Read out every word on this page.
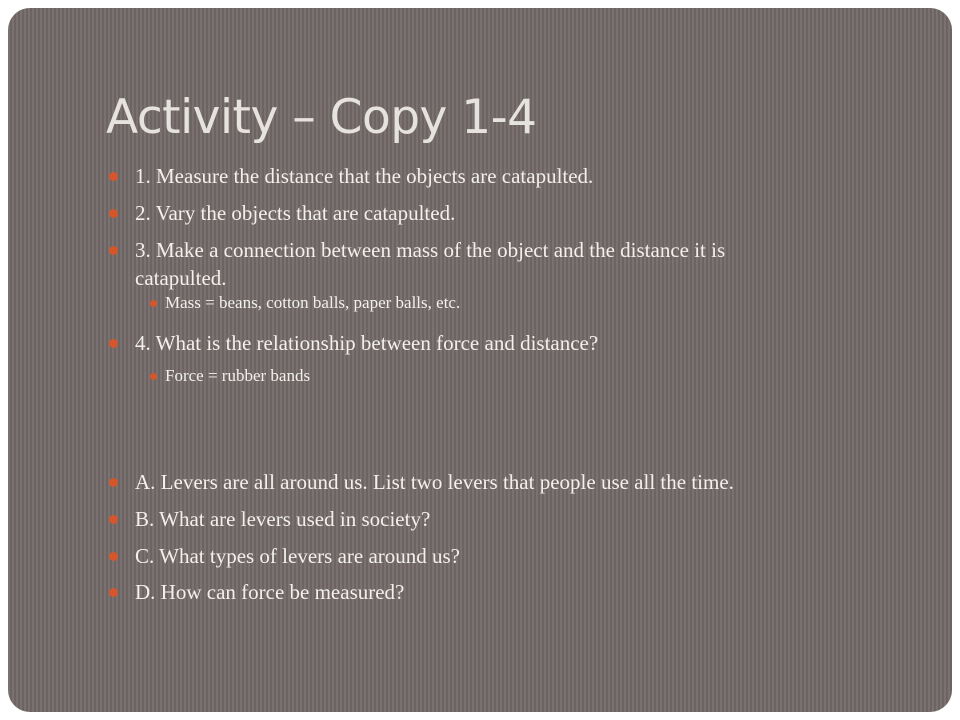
Activity – Copy 1-4
1. Measure the distance that the objects are catapulted.
2. Vary the objects that are catapulted.
3. Make a connection between mass of the object and the distance it is
catapulted.
Mass = beans, cotton balls, paper balls, etc.
4. What is the relationship between force and distance?
Force = rubber bands
A. Levers are all around us. List two levers that people use all the time.
B. What are levers used in society?
C. What types of levers are around us?
D. How can force be measured?
